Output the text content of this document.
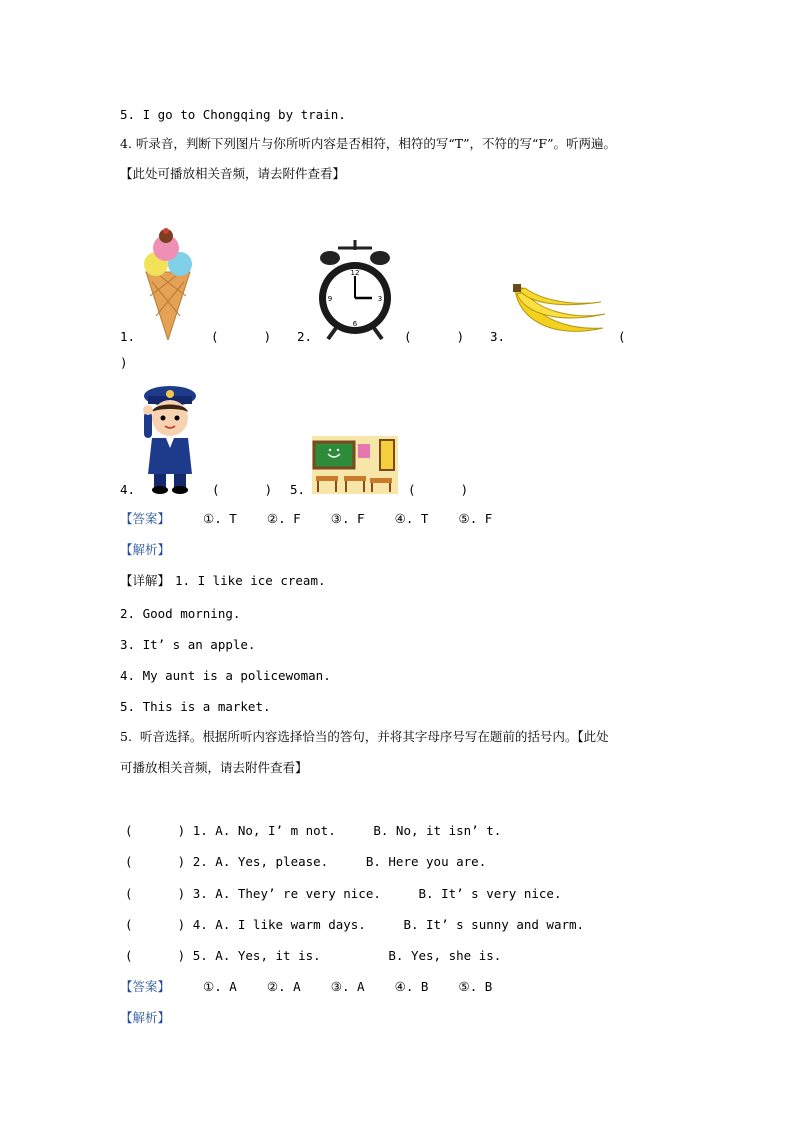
5. I go to Chongqing by train.
4. 听录音，判断下列图片与你所听内容是否相符，相符的写“T”，不符的写“F”。听两遍。
【此处可播放相关音频，请去附件查看】
1.	(      ) 2.
12
3
6
9
(      ) 3.	(
)
4.	(      ) 5.	(      )
【答案】	①. T    ②. F    ③. F    ④. T    ⑤. F
【解析】
【详解】 1. I like ice cream.
2. Good morning.
3. It’ s an apple.
4. My aunt is a policewoman.
5. This is a market.
5.  听音选择。根据所听内容选择恰当的答句，并将其字母序号写在题前的括号内。【此处
可播放相关音频，请去附件查看】
(      ) 1. A. No, I’ m not.     B. No, it isn’ t.
(      ) 2. A. Yes, please.     B. Here you are.
(      ) 3. A. They’ re very nice.     B. It’ s very nice.
(      ) 4. A. I like warm days.     B. It’ s sunny and warm.
(      ) 5. A. Yes, it is.         B. Yes, she is.
【答案】	①. A    ②. A    ③. A    ④. B    ⑤. B
【解析】
